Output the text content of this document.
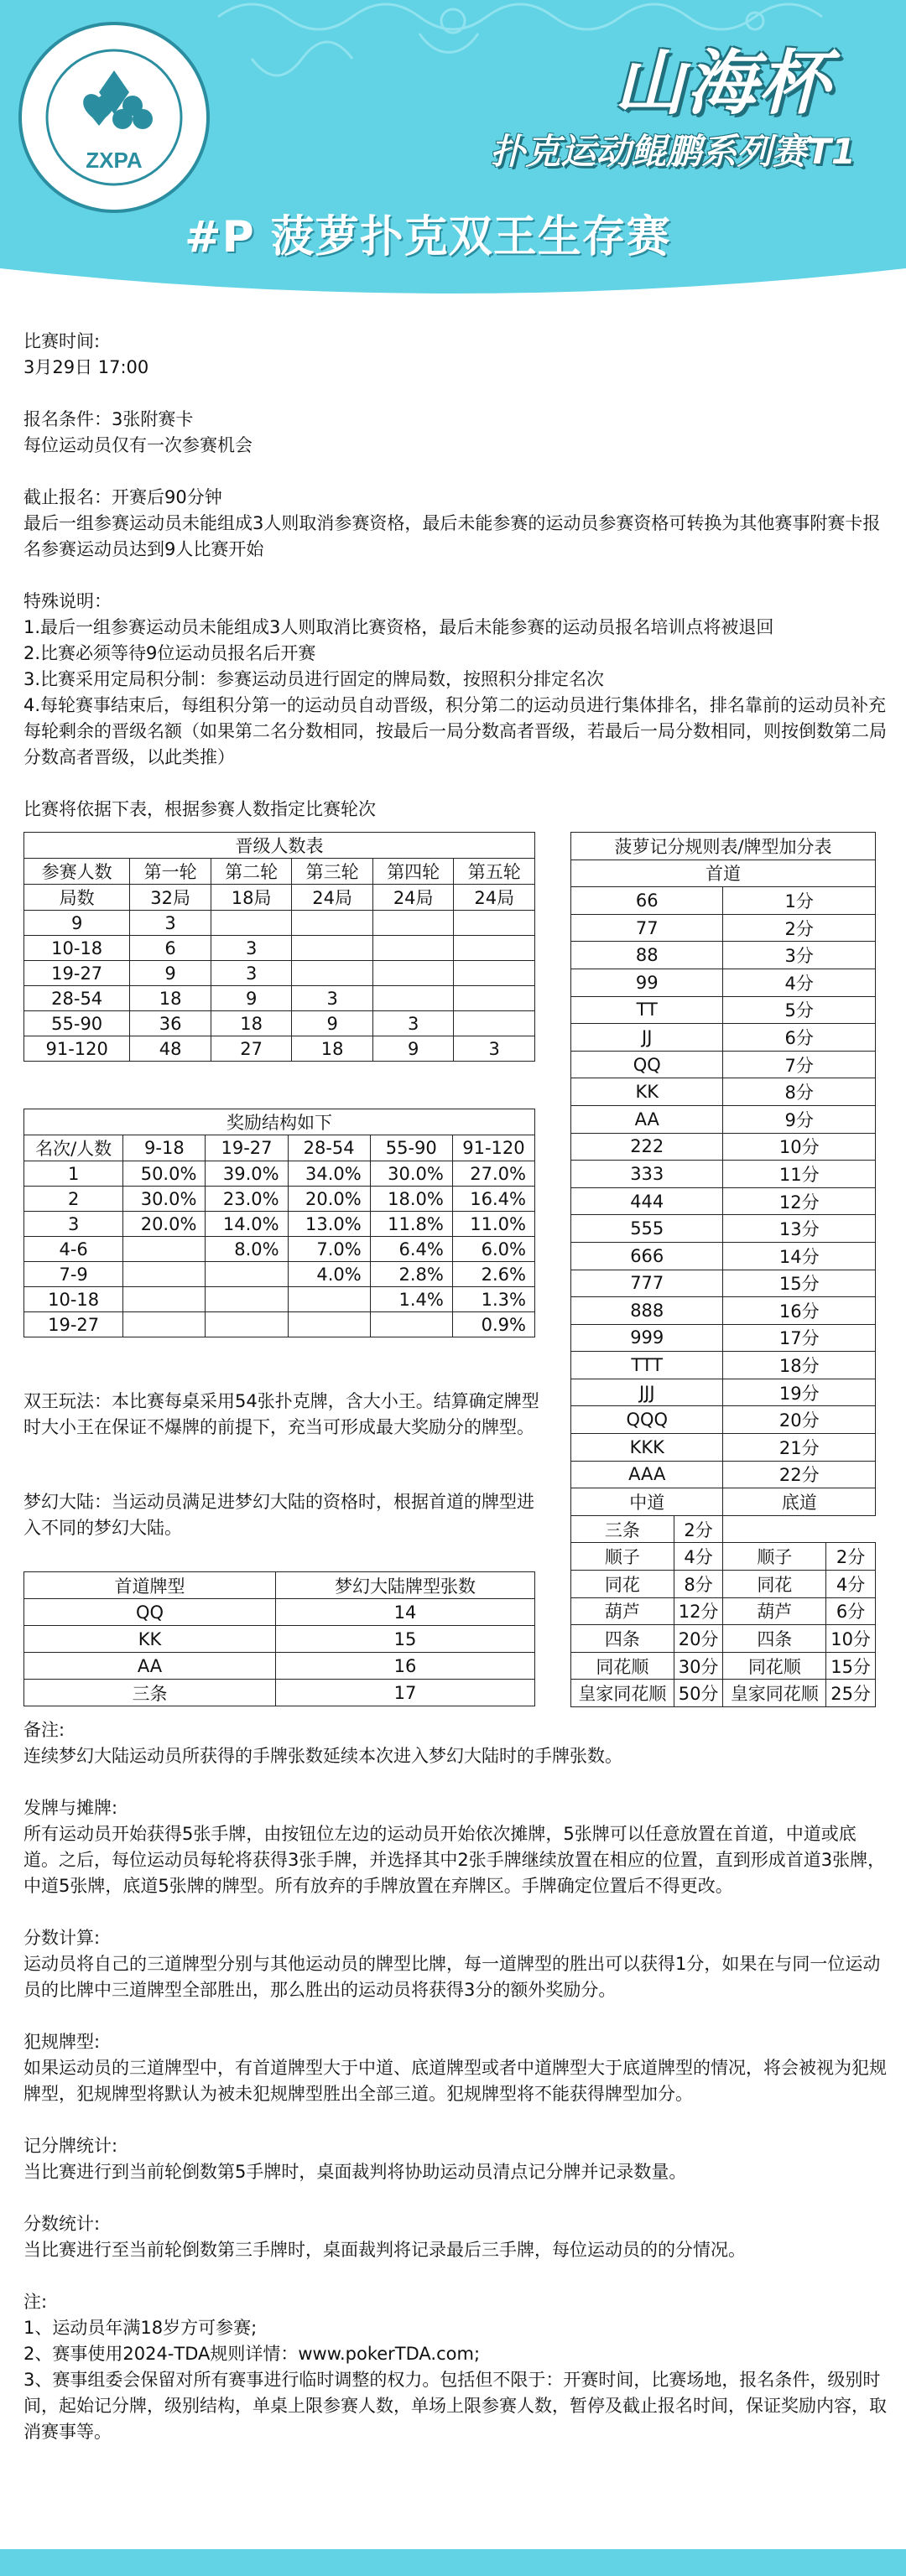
ZXPA
山海杯
扑克运动鲲鹏系列赛T1
#P 菠萝扑克双王生存赛

比赛时间:

3月29日 17:00

报名条件：3张附赛卡

每位运动员仅有一次参赛机会

截止报名：开赛后90分钟

最后一组参赛运动员未能组成3人则取消参赛资格，最后未能参赛的运动员参赛资格可转换为其他赛事附赛卡报名参赛运动员达到9人比赛开始

特殊说明：

1.最后一组参赛运动员未能组成3人则取消比赛资格，最后未能参赛的运动员报名培训点将被退回

2.比赛必须等待9位运动员报名后开赛

3.比赛采用定局积分制：参赛运动员进行固定的牌局数，按照积分排定名次

4.每轮赛事结束后，每组积分第一的运动员自动晋级，积分第二的运动员进行集体排名，排名靠前的运动员补充每轮剩余的晋级名额（如果第二名分数相同，按最后一局分数高者晋级，若最后一局分数相同，则按倒数第二局分数高者晋级，以此类推）

比赛将依据下表，根据参赛人数指定比赛轮次

晋级人数表					
参赛人数	第一轮	第二轮	第三轮	第四轮	第五轮
局数	32局	18局	24局	24局	24局
9	3				
10-18	6	3			
19-27	9	3			
28-54	18	9	3		
55-90	36	18	9	3	
91-120	48	27	18	9	3
奖励结构如下					
名次/人数	9-18	19-27	28-54	55-90	91-120
1	50.0%	39.0%	34.0%	30.0%	27.0%
2	30.0%	23.0%	20.0%	18.0%	16.4%
3	20.0%	14.0%	13.0%	11.8%	11.0%
4-6		8.0%	7.0%	6.4%	6.0%
7-9			4.0%	2.8%	2.6%
10-18				1.4%	1.3%
19-27					0.9%

双王玩法：本比赛每桌采用54张扑克牌，含大小王。结算确定牌型时大小王在保证不爆牌的前提下，充当可形成最大奖励分的牌型。

梦幻大陆：当运动员满足进梦幻大陆的资格时，根据首道的牌型进入不同的梦幻大陆。

首道牌型	梦幻大陆牌型张数
QQ	14
KK	15
AA	16
三条	17
菠萝记分规则表/牌型加分表			
首道			
66		1分	
77		2分	
88		3分	
99		4分	
TT		5分	
JJ		6分	
QQ		7分	
KK		8分	
AA		9分	
222		10分	
333		11分	
444		12分	
555		13分	
666		14分	
777		15分	
888		16分	
999		17分	
TTT		18分	
JJJ		19分	
QQQ		20分	
KKK		21分	
AAA		22分	
中道		底道	
三条	2分		
顺子	4分	顺子	2分
同花	8分	同花	4分
葫芦	12分	葫芦	6分
四条	20分	四条	10分
同花顺	30分	同花顺	15分
皇家同花顺	50分	皇家同花顺	25分

备注:

连续梦幻大陆运动员所获得的手牌张数延续本次进入梦幻大陆时的手牌张数。

发牌与摊牌:

所有运动员开始获得5张手牌，由按钮位左边的运动员开始依次摊牌，5张牌可以任意放置在首道，中道或底道。之后，每位运动员每轮将获得3张手牌，并选择其中2张手牌继续放置在相应的位置，直到形成首道3张牌，中道5张牌，底道5张牌的牌型。所有放弃的手牌放置在弃牌区。手牌确定位置后不得更改。

分数计算:

运动员将自己的三道牌型分别与其他运动员的牌型比牌，每一道牌型的胜出可以获得1分，如果在与同一位运动员的比牌中三道牌型全部胜出，那么胜出的运动员将获得3分的额外奖励分。

犯规牌型:

如果运动员的三道牌型中，有首道牌型大于中道、底道牌型或者中道牌型大于底道牌型的情况，将会被视为犯规牌型，犯规牌型将默认为被未犯规牌型胜出全部三道。犯规牌型将不能获得牌型加分。

记分牌统计:

当比赛进行到当前轮倒数第5手牌时，桌面裁判将协助运动员清点记分牌并记录数量。

分数统计:

当比赛进行至当前轮倒数第三手牌时，桌面裁判将记录最后三手牌，每位运动员的的分情况。

注:

1、运动员年满18岁方可参赛;

2、赛事使用2024-TDA规则详情：www.pokerTDA.com;

3、赛事组委会保留对所有赛事进行临时调整的权力。包括但不限于：开赛时间，比赛场地，报名条件，级别时间，起始记分牌，级别结构，单桌上限参赛人数，单场上限参赛人数，暂停及截止报名时间，保证奖励内容，取消赛事等。
